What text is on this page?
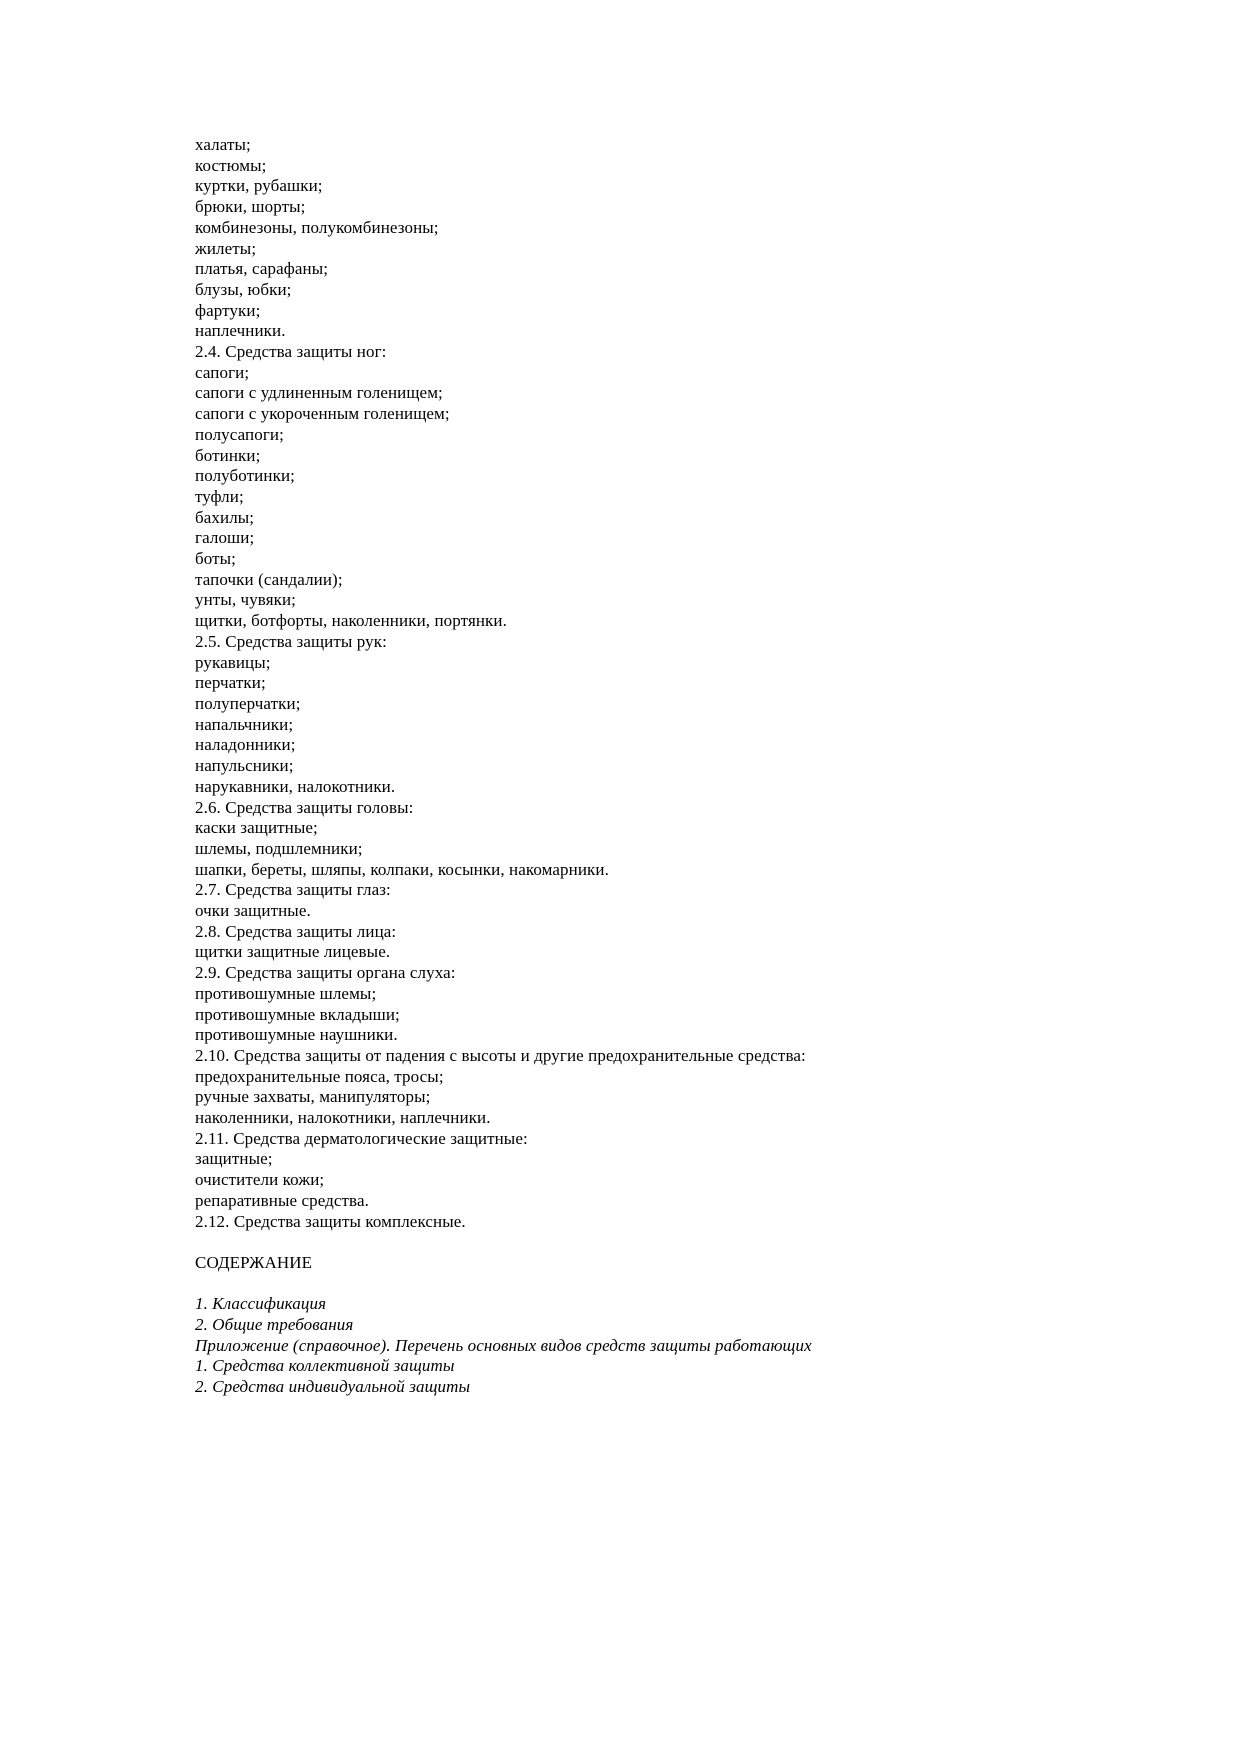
халаты;
костюмы;
куртки, рубашки;
брюки, шорты;
комбинезоны, полукомбинезоны;
жилеты;
платья, сарафаны;
блузы, юбки;
фартуки;
наплечники.
2.4. Средства защиты ног:
сапоги;
сапоги с удлиненным голенищем;
сапоги с укороченным голенищем;
полусапоги;
ботинки;
полуботинки;
туфли;
бахилы;
галоши;
боты;
тапочки (сандалии);
унты, чувяки;
щитки, ботфорты, наколенники, портянки.
2.5. Средства защиты рук:
рукавицы;
перчатки;
полуперчатки;
напальчники;
наладонники;
напульсники;
нарукавники, налокотники.
2.6. Средства защиты головы:
каски защитные;
шлемы, подшлемники;
шапки, береты, шляпы, колпаки, косынки, накомарники.
2.7. Средства защиты глаз:
очки защитные.
2.8. Средства защиты лица:
щитки защитные лицевые.
2.9. Средства защиты органа слуха:
противошумные шлемы;
противошумные вкладыши;
противошумные наушники.
2.10. Средства защиты от падения с высоты и другие предохранительные средства:
предохранительные пояса, тросы;
ручные захваты, манипуляторы;
наколенники, налокотники, наплечники.
2.11. Средства дерматологические защитные:
защитные;
очистители кожи;
репаративные средства.
2.12. Средства защиты комплексные.
СОДЕРЖАНИЕ
1. Классификация
2. Общие требования
Приложение (справочное). Перечень основных видов средств защиты работающих
1. Средства коллективной защиты
2. Средства индивидуальной защиты
